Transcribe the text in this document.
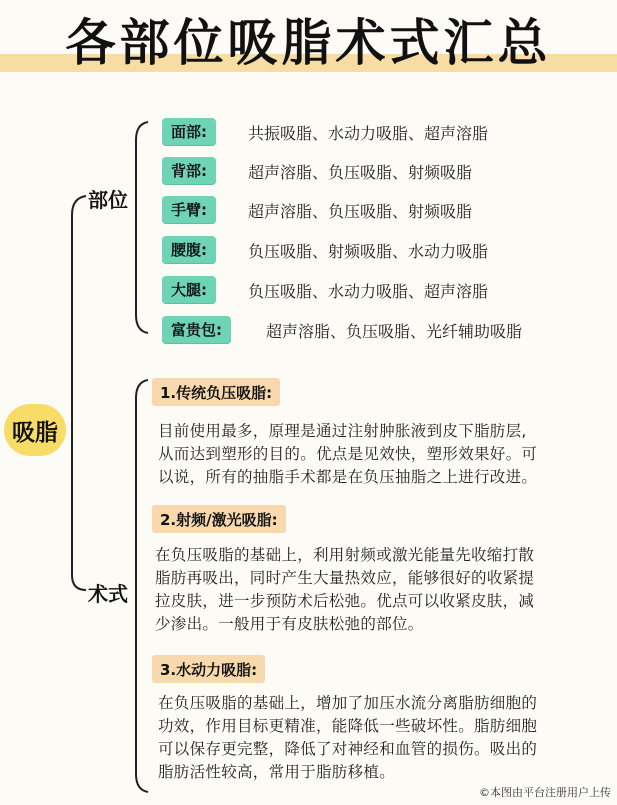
各部位吸脂术式汇总
吸脂
部位
术式
面部:	共振吸脂、水动力吸脂、超声溶脂
背部:	超声溶脂、负压吸脂、射频吸脂
手臂:	超声溶脂、负压吸脂、射频吸脂
腰腹:	负压吸脂、射频吸脂、水动力吸脂
大腿:	负压吸脂、水动力吸脂、超声溶脂
富贵包:	超声溶脂、负压吸脂、光纤辅助吸脂
1.传统负压吸脂:
目前使用最多，原理是通过注射肿胀液到皮下脂肪层,
从而达到塑形的目的。优点是见效快，塑形效果好。可
以说，所有的抽脂手术都是在负压抽脂之上进行改进。
2.射频/激光吸脂:
在负压吸脂的基础上，利用射频或激光能量先收缩打散
脂肪再吸出，同时产生大量热效应，能够很好的收紧提
拉皮肤，进一步预防术后松弛。优点可以收紧皮肤，减
少渗出。一般用于有皮肤松弛的部位。
3.水动力吸脂:
在负压吸脂的基础上，增加了加压水流分离脂肪细胞的
功效，作用目标更精准，能降低一些破坏性。脂肪细胞
可以保存更完整，降低了对神经和血管的损伤。吸出的
脂肪活性较高，常用于脂肪移植。
©本图由平台注册用户上传
